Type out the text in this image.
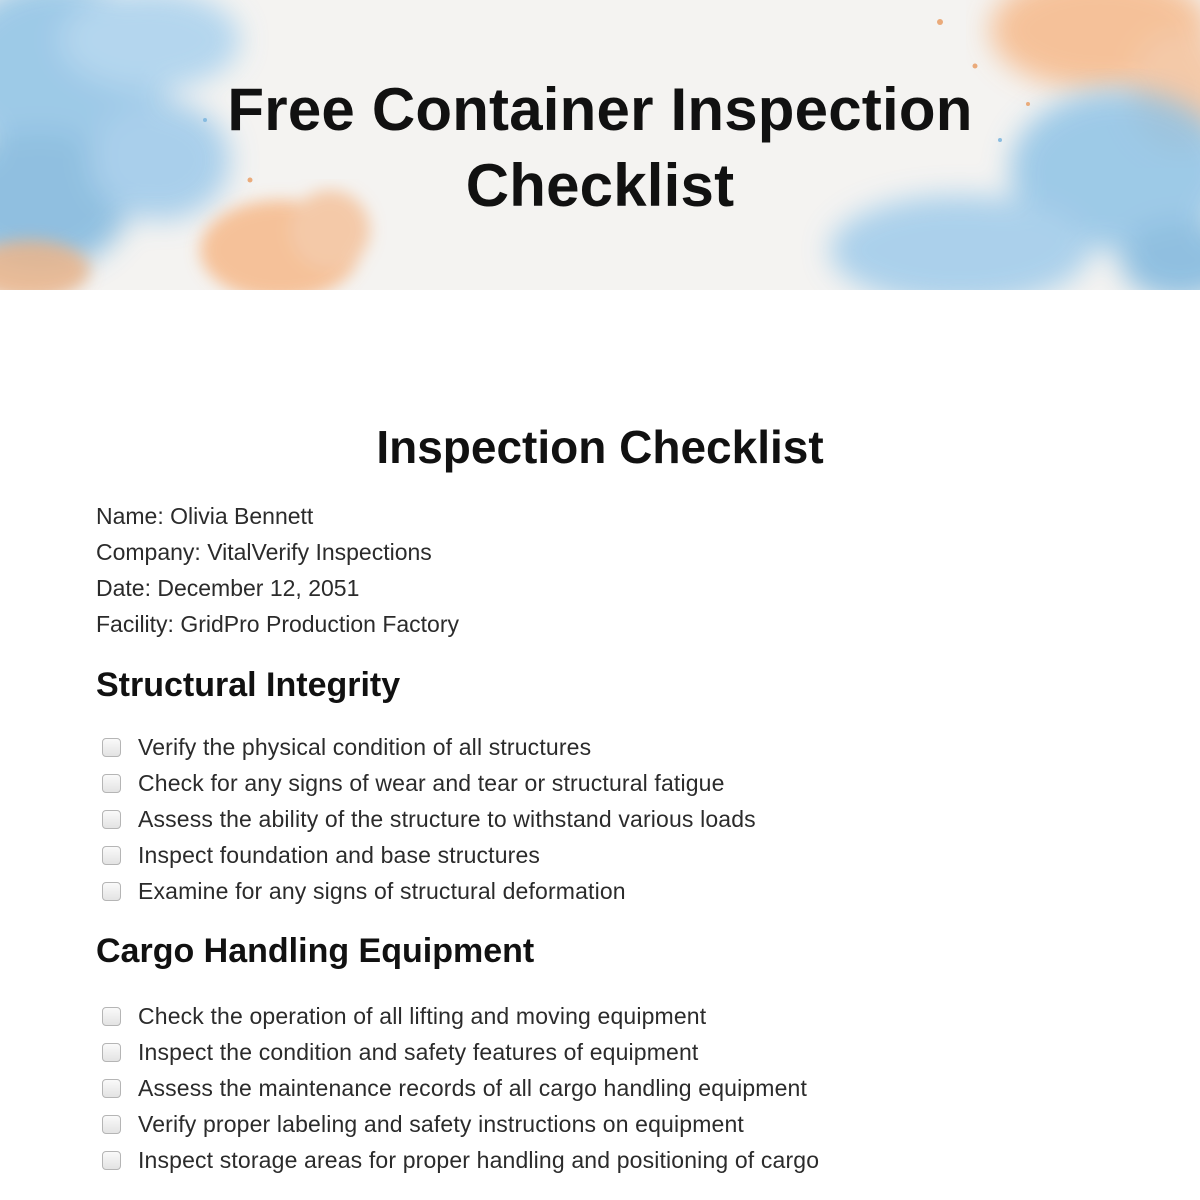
Free Container Inspection
Checklist
Inspection Checklist
Name: Olivia Bennett
Company: VitalVerify Inspections
Date: December 12, 2051
Facility: GridPro Production Factory
Structural Integrity
Verify the physical condition of all structures
Check for any signs of wear and tear or structural fatigue
Assess the ability of the structure to withstand various loads
Inspect foundation and base structures
Examine for any signs of structural deformation
Cargo Handling Equipment
Check the operation of all lifting and moving equipment
Inspect the condition and safety features of equipment
Assess the maintenance records of all cargo handling equipment
Verify proper labeling and safety instructions on equipment
Inspect storage areas for proper handling and positioning of cargo
